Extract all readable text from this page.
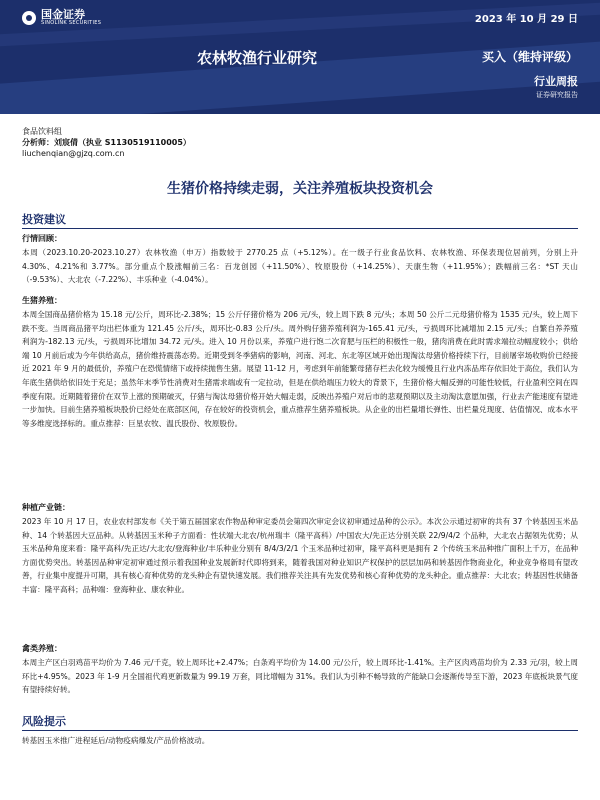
国金证券
SINOLINK SECURITIES	2023 年 10 月 29 日
农林牧渔行业研究	买入（维持评级）
行业周报
证券研究报告
食品饮料组
分析师：刘宸倩（执业 S1130519110005）
liuchenqian@gjzq.com.cn
生猪价格持续走弱，关注养殖板块投资机会
投资建议
行情回顾：

本周（2023.10.20-2023.10.27）农林牧渔（申万）指数较于 2770.25 点（+5.12%）。在一级子行业食品饮料、农林牧渔、环保表现位居前列，分别上升 4.30%、4.21%和 3.77%。部分重点个股涨幅前三名：百龙创园（+11.50%）、牧原股份（+14.25%）、天康生物（+11.95%）；跌幅前三名：*ST 天山（-9.53%）、大北农（-7.22%）、丰乐种业（-4.04%）。

生猪养殖：

本周全国商品猪价格为 15.18 元/公斤，周环比-2.38%；15 公斤仔猪价格为 206 元/头，较上周下跌 8 元/头；本周 50 公斤二元母猪价格为 1535 元/头，较上周下跌不变。当周商品猪平均出栏体重为 121.45 公斤/头，周环比-0.83 公斤/头。周外购仔猪养殖利润为-165.41 元/头，亏损周环比减增加 2.15 元/头；自繁自养养殖利润为-182.13 元/头，亏损周环比增加 34.72 元/头。进入 10 月份以来，养殖户进行饱二次育肥与压栏的积极性一般，猪肉消费在此时需求端拉动幅度较小；供给端 10 月前后或为今年供给高点，猪价维持震荡态势。近期受到冬季猪病的影响，河南、河北、东北等区域开始出现淘汰母猪价格持续下行，目前屠宰场收购价已经接近 2021 年 9 月的最低价，养殖户在恐慌情绪下或持续抛售生猪。展望 11-12 月，考虑到年前能繁母猪存栏去化较为缓慢且行业内冻品库存依旧处于高位，我们认为年底生猪供给依旧处于充足；虽然年末季节性消费对生猪需求端或有一定拉动，但是在供给端压力较大的背景下，生猪价格大幅反弹的可能性较低，行业盈利空间在四季度有限。近期随着猪价在双节上涨的预期破灭，仔猪与淘汰母猪价格开始大幅走弱，反映出养殖户对后市的悲观预期以及主动淘汰意愿加强，行业去产能速度有望进一步加快。目前生猪养殖板块股价已经处在底部区间，存在较好的投资机会，重点推荐生猪养殖板块。从企业的出栏量增长弹性、出栏量兑现度、估值情况、成本水平等多维度选择标的。重点推荐：巨星农牧、温氏股份、牧原股份。

种植产业链：

2023 年 10 月 17 日，农业农村部发布《关于第五届国家农作物品种审定委员会第四次审定会议初审通过品种的公示》。本次公示通过初审的共有 37 个转基因玉米品种、14 个转基因大豆品种。从转基因玉米种子方面看：性状端大北农/杭州瑞丰（隆平高科）/中国农大/先正达分别关联 22/9/4/2 个品种，大北农占据领先优势；从玉米品种角度来看：隆平高科/先正达/大北农/登海种业/丰乐种业分别有 8/4/3/2/1 个玉米品种过初审，隆平高科更是拥有 2 个传统玉米品种推广面积上千万，在品种方面优势突出。转基因品种审定初审通过预示着我国种业发展新时代即将到来，随着我国对种业知识产权保护的层层加码和转基因作物商业化，种业竞争格局有望改善，行业集中度提升可期，具有核心育种优势的龙头种企有望快速发展。我们推荐关注具有先发优势和核心育种优势的龙头种企。重点推荐：大北农；转基因性状储备丰富：隆平高科；品种端：登海种业、康农种业。

禽类养殖：

本周主产区白羽鸡苗平均价为 7.46 元/千克，较上周环比+2.47%；白条鸡平均价为 14.00 元/公斤，较上周环比-1.41%。主产区肉鸡苗均价为 2.33 元/羽，较上周环比+4.95%。2023 年 1-9 月全国祖代鸡更新数量为 99.19 万套，同比增幅为 31%。我们认为引种不畅导致的产能缺口会逐渐传导至下游，2023 年底板块景气度有望持续好转。

风险提示

转基因玉米推广进程延后/动物疫病爆发/产品价格波动。
